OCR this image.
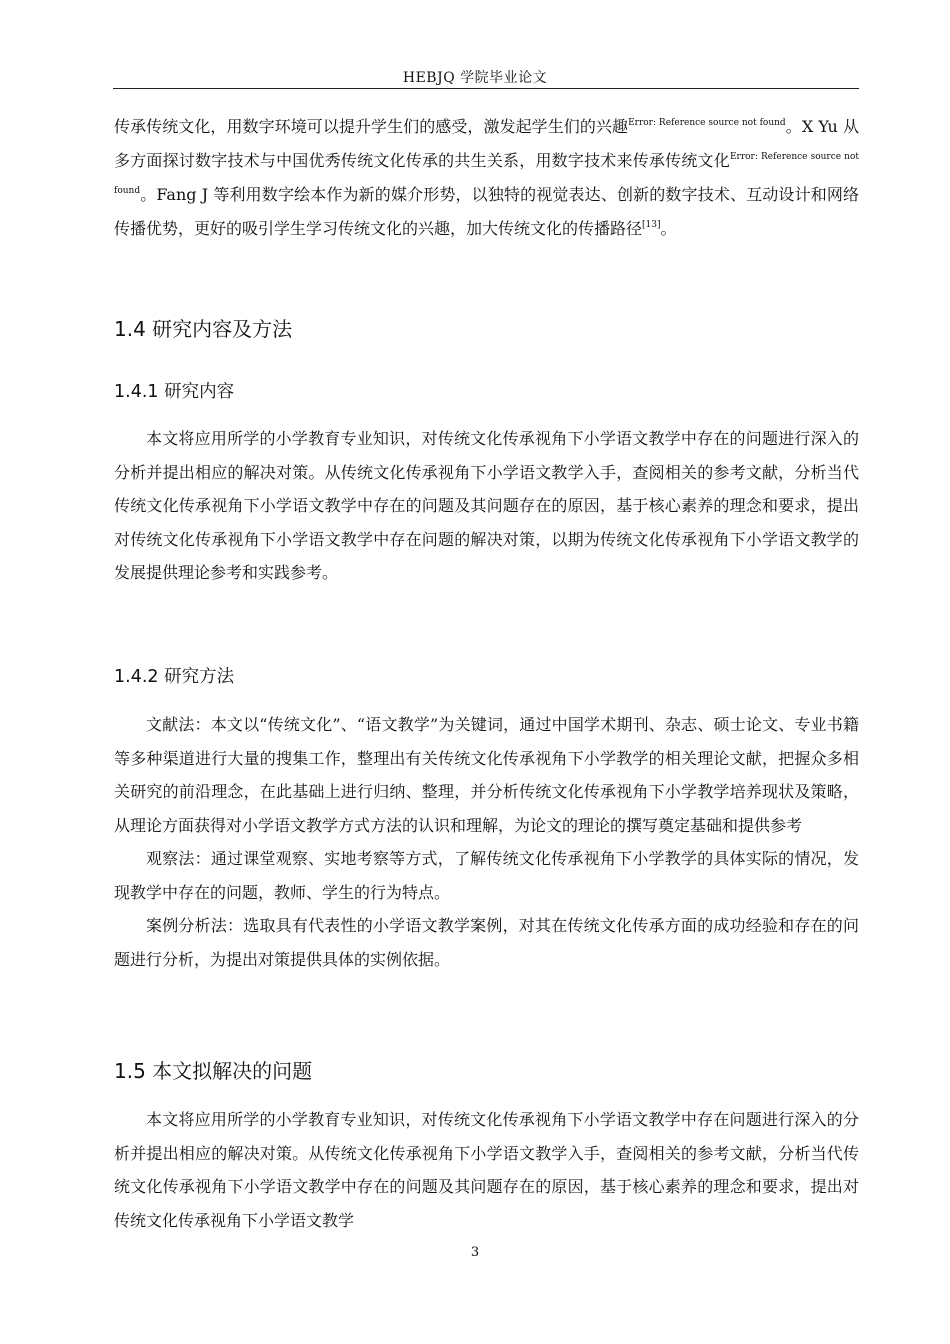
HEBJQ 学院毕业论文

传承传统文化，用数字环境可以提升学生们的感受，激发起学生们的兴趣$^{Error: Reference source not found}$。X Yu 从多方面探讨数字技术与中国优秀传统文化传承的共生关系，用数字技术来传承传统文化$^{Error: Reference source not found}$。Fang J 等利用数字绘本作为新的媒介形势，以独特的视觉表达、创新的数字技术、互动设计和网络传播优势，更好的吸引学生学习传统文化的兴趣，加大传统文化的传播路径[13]。

1.4 研究内容及方法
1.4.1 研究内容

本文将应用所学的小学教育专业知识，对传统文化传承视角下小学语文教学中存在的问题进行深入的分析并提出相应的解决对策。从传统文化传承视角下小学语文教学入手，查阅相关的参考文献，分析当代传统文化传承视角下小学语文教学中存在的问题及其问题存在的原因，基于核心素养的理念和要求，提出对传统文化传承视角下小学语文教学中存在问题的解决对策，以期为传统文化传承视角下小学语文教学的发展提供理论参考和实践参考。

1.4.2 研究方法

文献法：本文以“传统文化”、“语文教学”为关键词，通过中国学术期刊、杂志、硕士论文、专业书籍等多种渠道进行大量的搜集工作，整理出有关传统文化传承视角下小学教学的相关理论文献，把握众多相关研究的前沿理念，在此基础上进行归纳、整理，并分析传统文化传承视角下小学教学培养现状及策略，从理论方面获得对小学语文教学方式方法的认识和理解，为论文的理论的撰写奠定基础和提供参考

观察法：通过课堂观察、实地考察等方式，了解传统文化传承视角下小学教学的具体实际的情况，发现教学中存在的问题，教师、学生的行为特点。

案例分析法：选取具有代表性的小学语文教学案例，对其在传统文化传承方面的成功经验和存在的问题进行分析，为提出对策提供具体的实例依据。

1.5 本文拟解决的问题

本文将应用所学的小学教育专业知识，对传统文化传承视角下小学语文教学中存在问题进行深入的分析并提出相应的解决对策。从传统文化传承视角下小学语文教学入手，查阅相关的参考文献，分析当代传统文化传承视角下小学语文教学中存在的问题及其问题存在的原因，基于核心素养的理念和要求，提出对传统文化传承视角下小学语文教学

3
